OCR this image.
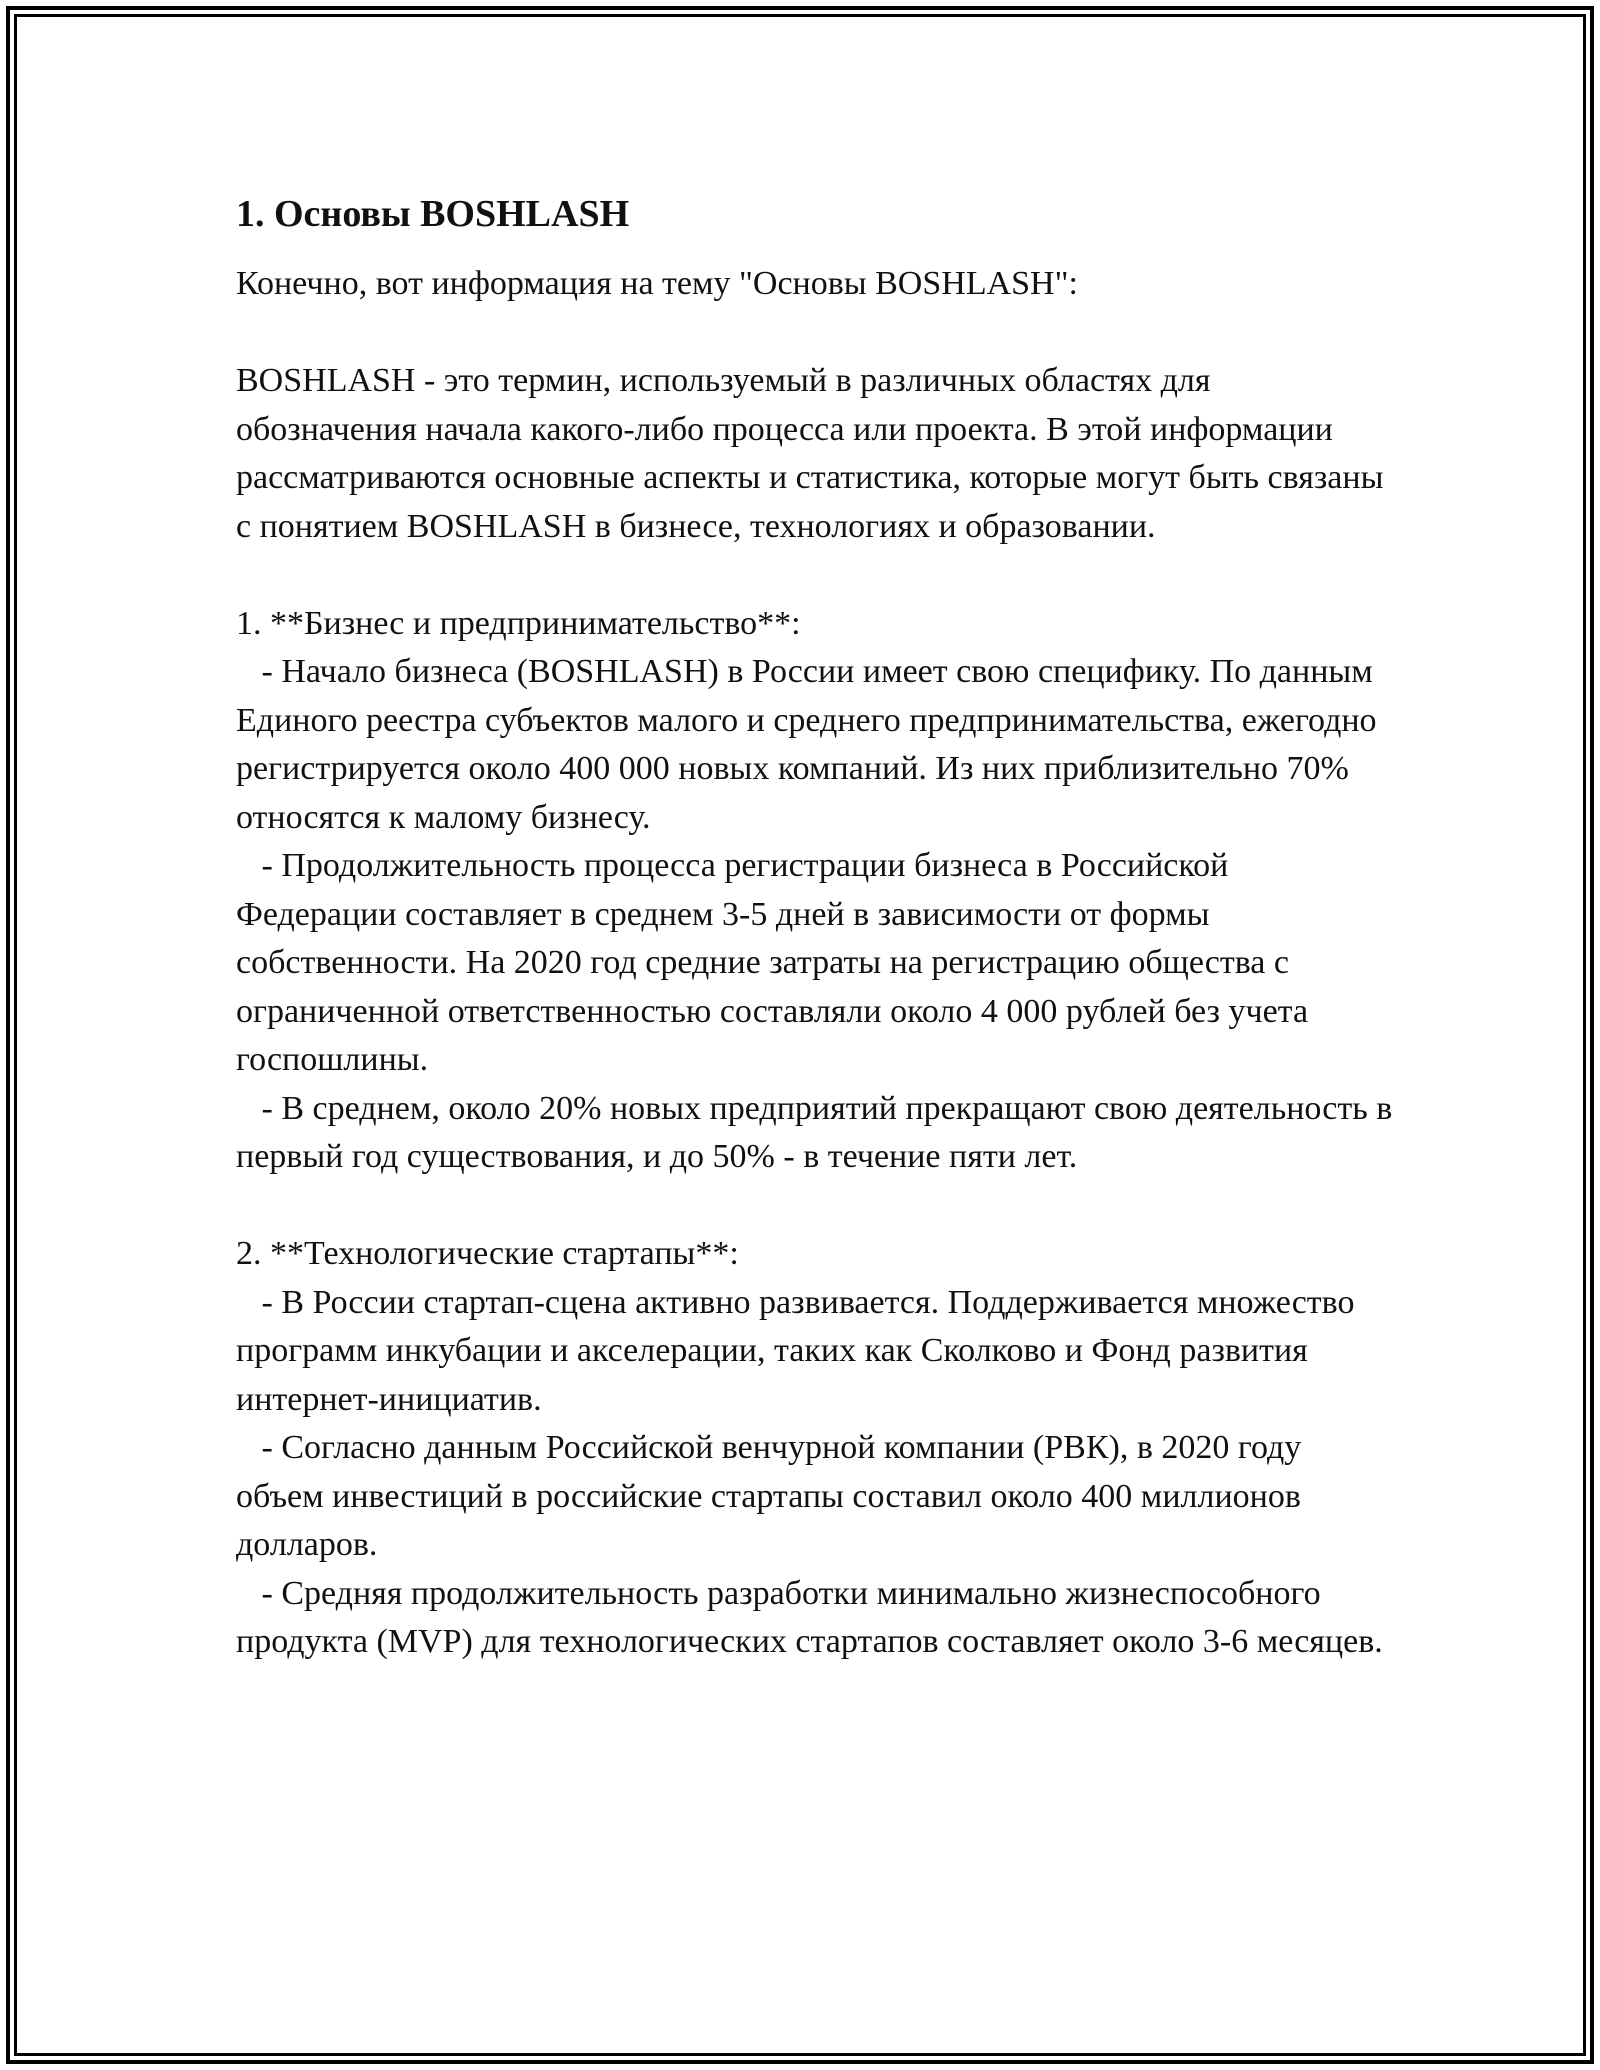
1. Основы BOSHLASH

Конечно, вот информация на тему "Основы BOSHLASH":

BOSHLASH - это термин, используемый в различных областях для обозначения начала какого-либо процесса или проекта. В этой информации рассматриваются основные аспекты и статистика, которые могут быть связаны с понятием BOSHLASH в бизнесе, технологиях и образовании.

1. **Бизнес и предпринимательство**:

- Начало бизнеса (BOSHLASH) в России имеет свою специфику. По данным Единого реестра субъектов малого и среднего предпринимательства, ежегодно регистрируется около 400 000 новых компаний. Из них приблизительно 70% относятся к малому бизнесу.

- Продолжительность процесса регистрации бизнеса в Российской Федерации составляет в среднем 3-5 дней в зависимости от формы собственности. На 2020 год средние затраты на регистрацию общества с ограниченной ответственностью составляли около 4 000 рублей без учета госпошлины.

- В среднем, около 20% новых предприятий прекращают свою деятельность в первый год существования, и до 50% - в течение пяти лет.

2. **Технологические стартапы**:

- В России стартап-сцена активно развивается. Поддерживается множество программ инкубации и акселерации, таких как Сколково и Фонд развития интернет-инициатив.

- Согласно данным Российской венчурной компании (РВК), в 2020 году объем инвестиций в российские стартапы составил около 400 миллионов долларов.

- Средняя продолжительность разработки минимально жизнеспособного продукта (MVP) для технологических стартапов составляет около 3-6 месяцев.
